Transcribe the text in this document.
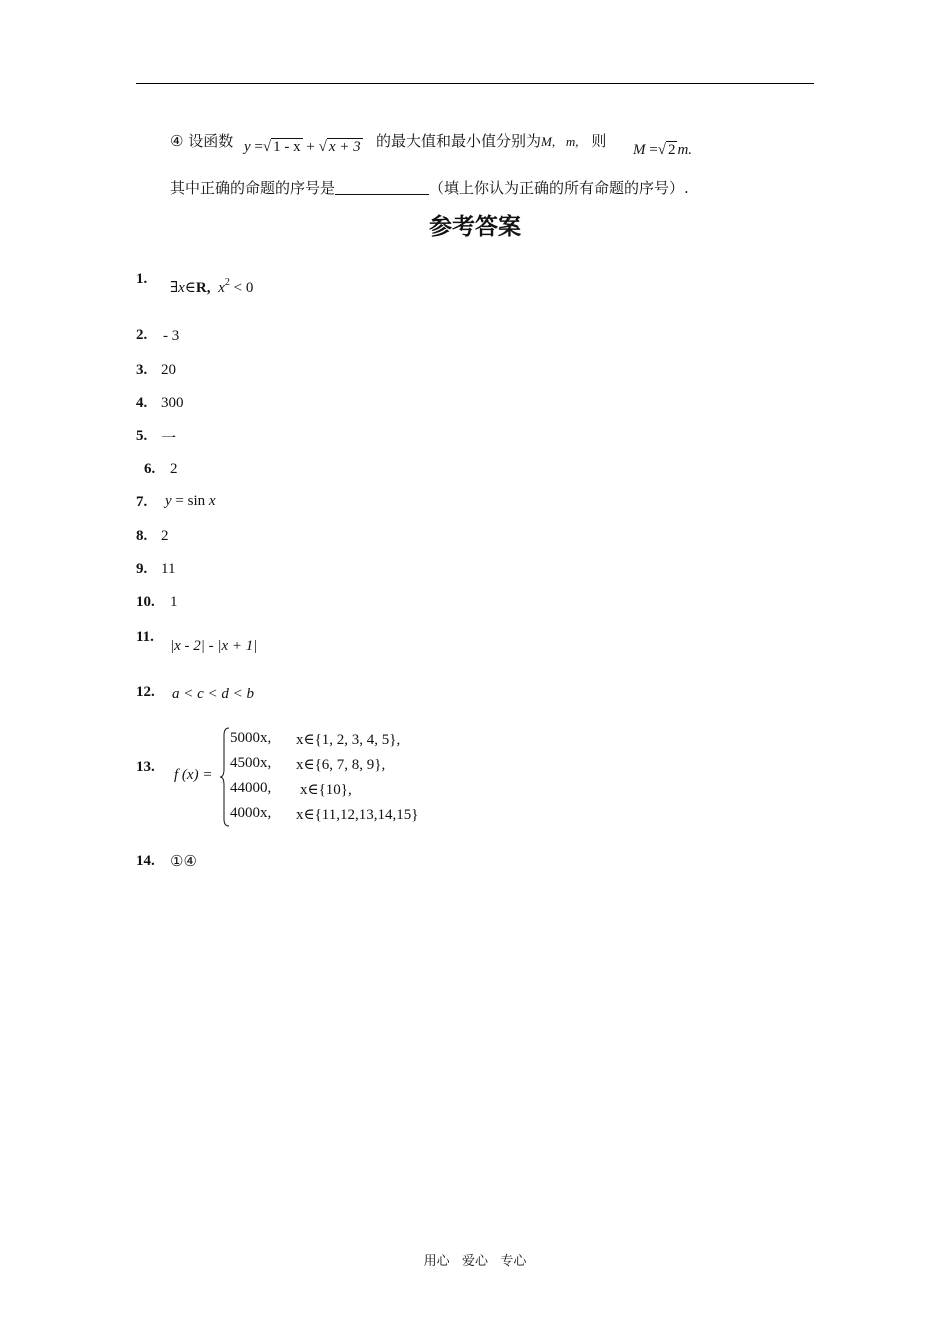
④ 设函数 y =√ 1 - x + √ x + 3 的最大值和最小值分别为M, m, 则 M =√ 2 m.
其中正确的命题的序号是	（填上你认为正确的所有命题的序号）.
参考答案
1.
∃x∈R, $x^2 < 0$
2. - 3
3. 20
4. 300
5. 一
6. 2
7. y = sin x
8. 2
9. 11
10. 1
11.
|x - 2| - |x + 1|
12. a < c < d < b
13. f (x) =
5000x, x∈{1, 2, 3, 4, 5},
4500x, x∈{6, 7, 8, 9},
44000, x∈{10},
4000x, x∈{11,12,13,14,15}
14. ①④
用心   爱心   专心
